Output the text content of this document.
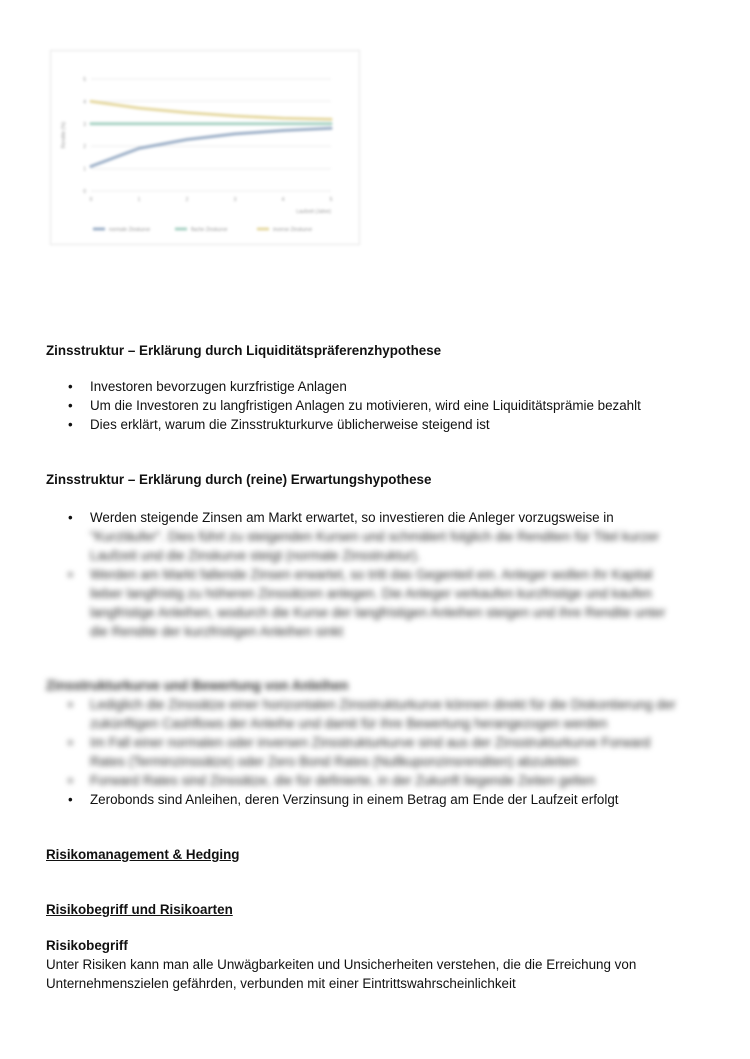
0
1
2
3
4
5
0	1	2	3	4	5
Rendite (%)
Laufzeit (Jahre)
normale Zinskurve	flache Zinskurve	inverse Zinskurve

Zinsstruktur – Erklärung durch Liquiditätspräferenzhypothese

• Investoren bevorzugen kurzfristige Anlagen
• Um die Investoren zu langfristigen Anlagen zu motivieren, wird eine Liquiditätsprämie bezahlt
• Dies erklärt, warum die Zinsstrukturkurve üblicherweise steigend ist

Zinsstruktur – Erklärung durch (reine) Erwartungshypothese

• Werden steigende Zinsen am Markt erwartet, so investieren die Anleger vorzugsweise in
"Kurzläufer". Dies führt zu steigenden Kursen und schmälert folglich die Renditen für Titel kurzer
Laufzeit und die Zinskurve steigt (normale Zinsstruktur).
• Werden am Markt fallende Zinsen erwartet, so tritt das Gegenteil ein. Anleger wollen ihr Kapital
lieber langfristig zu höheren Zinssätzen anlegen. Die Anleger verkaufen kurzfristige und kaufen
langfristige Anleihen, wodurch die Kurse der langfristigen Anleihen steigen und ihre Rendite unter
die Rendite der kurzfristigen Anleihen sinkt

Zinsstrukturkurve und Bewertung von Anleihen

• Lediglich die Zinssätze einer horizontalen Zinsstrukturkurve können direkt für die Diskontierung der
zukünftigen Cashflows der Anleihe und damit für ihre Bewertung herangezogen werden
• Im Fall einer normalen oder inversen Zinsstrukturkurve sind aus der Zinsstrukturkurve Forward
Rates (Terminzinssätze) oder Zero Bond Rates (Nullkuponzinsrenditen) abzuleiten
• Forward Rates sind Zinssätze, die für definierte, in der Zukunft liegende Zeiten gelten
• Zerobonds sind Anleihen, deren Verzinsung in einem Betrag am Ende der Laufzeit erfolgt

Risikomanagement & Hedging

Risikobegriff und Risikoarten

Risikobegriff

Unter Risiken kann man alle Unwägbarkeiten und Unsicherheiten verstehen, die die Erreichung von

Unternehmenszielen gefährden, verbunden mit einer Eintrittswahrscheinlichkeit
